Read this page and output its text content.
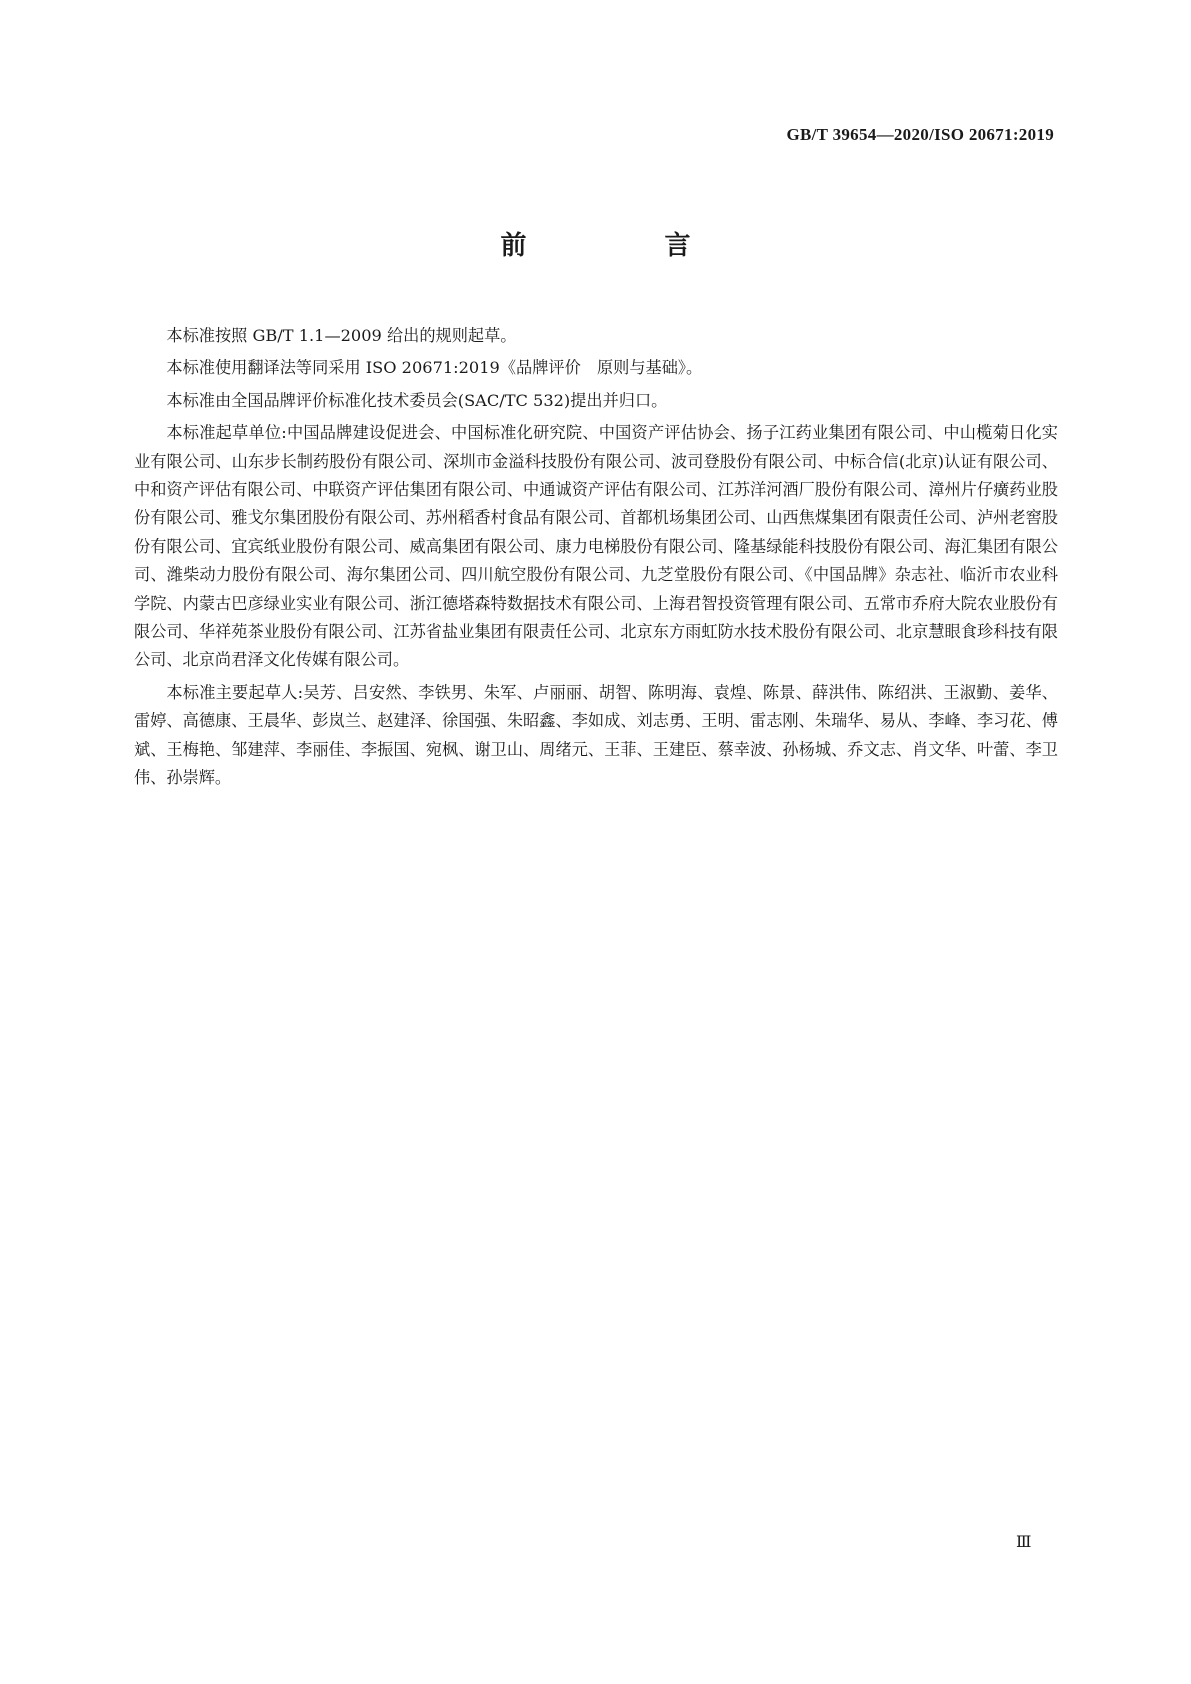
GB/T 39654—2020/ISO 20671:2019
前　言

本标准按照 GB/T 1.1—2009 给出的规则起草。

本标准使用翻译法等同采用 ISO 20671:2019《品牌评价　原则与基础》。

本标准由全国品牌评价标准化技术委员会(SAC/TC 532)提出并归口。

本标准起草单位:中国品牌建设促进会、中国标准化研究院、中国资产评估协会、扬子江药业集团有限公司、中山榄菊日化实业有限公司、山东步长制药股份有限公司、深圳市金溢科技股份有限公司、波司登股份有限公司、中标合信(北京)认证有限公司、中和资产评估有限公司、中联资产评估集团有限公司、中通诚资产评估有限公司、江苏洋河酒厂股份有限公司、漳州片仔癀药业股份有限公司、雅戈尔集团股份有限公司、苏州稻香村食品有限公司、首都机场集团公司、山西焦煤集团有限责任公司、泸州老窖股份有限公司、宜宾纸业股份有限公司、威高集团有限公司、康力电梯股份有限公司、隆基绿能科技股份有限公司、海汇集团有限公司、潍柴动力股份有限公司、海尔集团公司、四川航空股份有限公司、九芝堂股份有限公司、《中国品牌》杂志社、临沂市农业科学院、内蒙古巴彦绿业实业有限公司、浙江德塔森特数据技术有限公司、上海君智投资管理有限公司、五常市乔府大院农业股份有限公司、华祥苑茶业股份有限公司、江苏省盐业集团有限责任公司、北京东方雨虹防水技术股份有限公司、北京慧眼食珍科技有限公司、北京尚君泽文化传媒有限公司。

本标准主要起草人:吴芳、吕安然、李铁男、朱军、卢丽丽、胡智、陈明海、袁煌、陈景、薛洪伟、陈绍洪、王淑勤、姜华、雷婷、高德康、王晨华、彭岚兰、赵建泽、徐国强、朱昭鑫、李如成、刘志勇、王明、雷志刚、朱瑞华、易从、李峰、李习花、傅斌、王梅艳、邹建萍、李丽佳、李振国、宛枫、谢卫山、周绪元、王菲、王建臣、蔡幸波、孙杨城、乔文志、肖文华、叶蕾、李卫伟、孙崇辉。

Ⅲ
